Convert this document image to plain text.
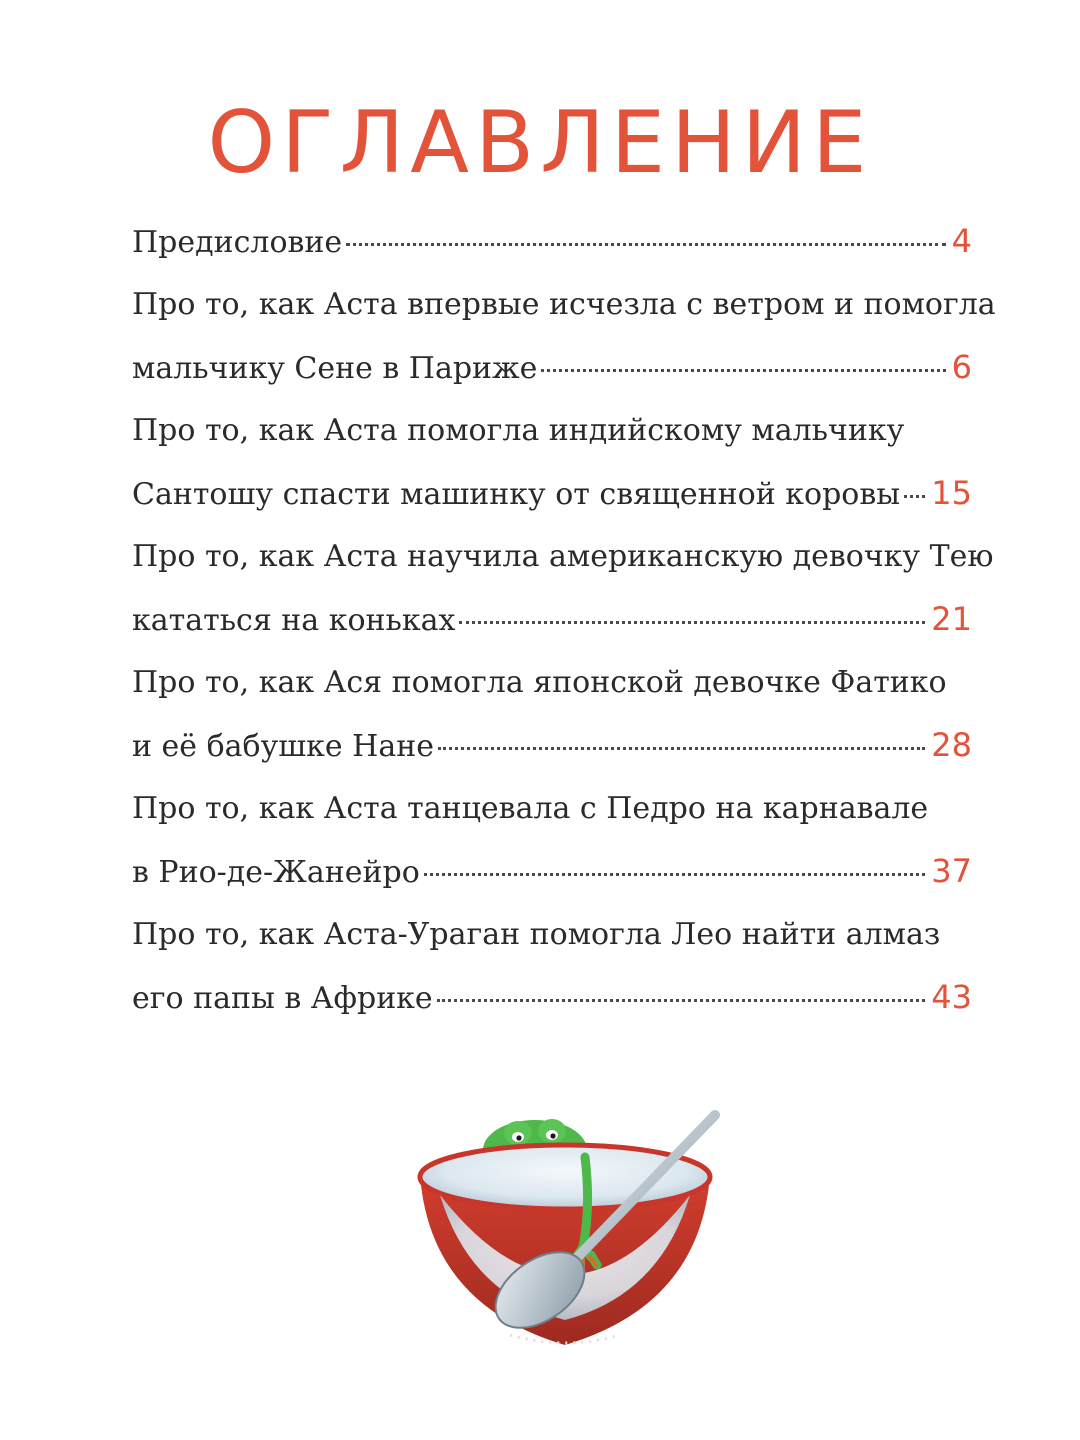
ОГЛАВЛЕНИЕ
Предисловие	4
Про то, как Аста впервые исчезла с ветром и помогла
мальчику Сене в Париже	6
Про то, как Аста помогла индийскому мальчику
Сантошу спасти машинку от священной коровы 15
Про то, как Аста научила американскую девочку Тею
кататься на коньках	21
Про то, как Ася помогла японской девочке Фатико
и её бабушке Нане	28
Про то, как Аста танцевала с Педро на карнавале
в Рио-де-Жанейро	37
Про то, как Аста-Ураган помогла Лео найти алмаз
его папы в Африке	43
